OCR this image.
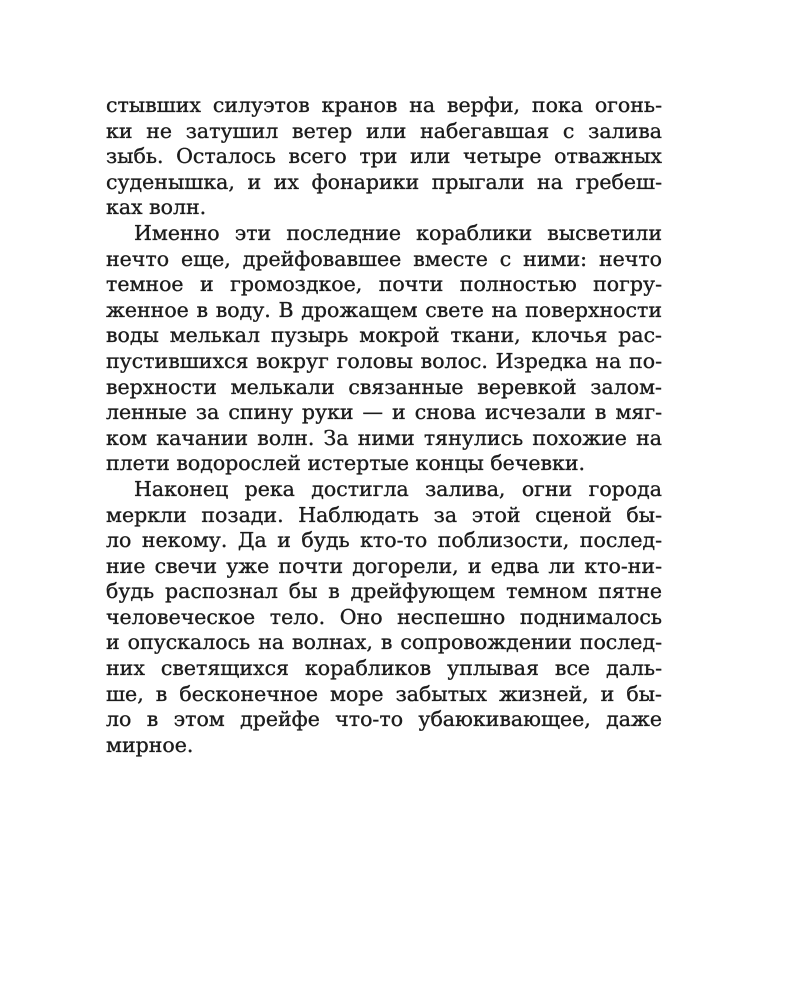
стывших силуэтов кранов на верфи, пока огонь-
ки не затушил ветер или набегавшая с залива
зыбь. Осталось всего три или четыре отважных
суденышка, и их фонарики прыгали на гребеш-
ках волн.
Именно эти последние кораблики высветили
нечто еще, дрейфовавшее вместе с ними: нечто
темное и громоздкое, почти полностью погру-
женное в воду. В дрожащем свете на поверхности
воды мелькал пузырь мокрой ткани, клочья рас-
пустившихся вокруг головы волос. Изредка на по-
верхности мелькали связанные веревкой залом-
ленные за спину руки — и снова исчезали в мяг-
ком качании волн. За ними тянулись похожие на
плети водорослей истертые концы бечевки.
Наконец река достигла залива, огни города
меркли позади. Наблюдать за этой сценой бы-
ло некому. Да и будь кто-то поблизости, послед-
ние свечи уже почти догорели, и едва ли кто-ни-
будь распознал бы в дрейфующем темном пятне
человеческое тело. Оно неспешно поднималось
и опускалось на волнах, в сопровождении послед-
них светящихся корабликов уплывая все даль-
ше, в бесконечное море забытых жизней, и бы-
ло в этом дрейфе что-то убаюкивающее, даже
мирное.
